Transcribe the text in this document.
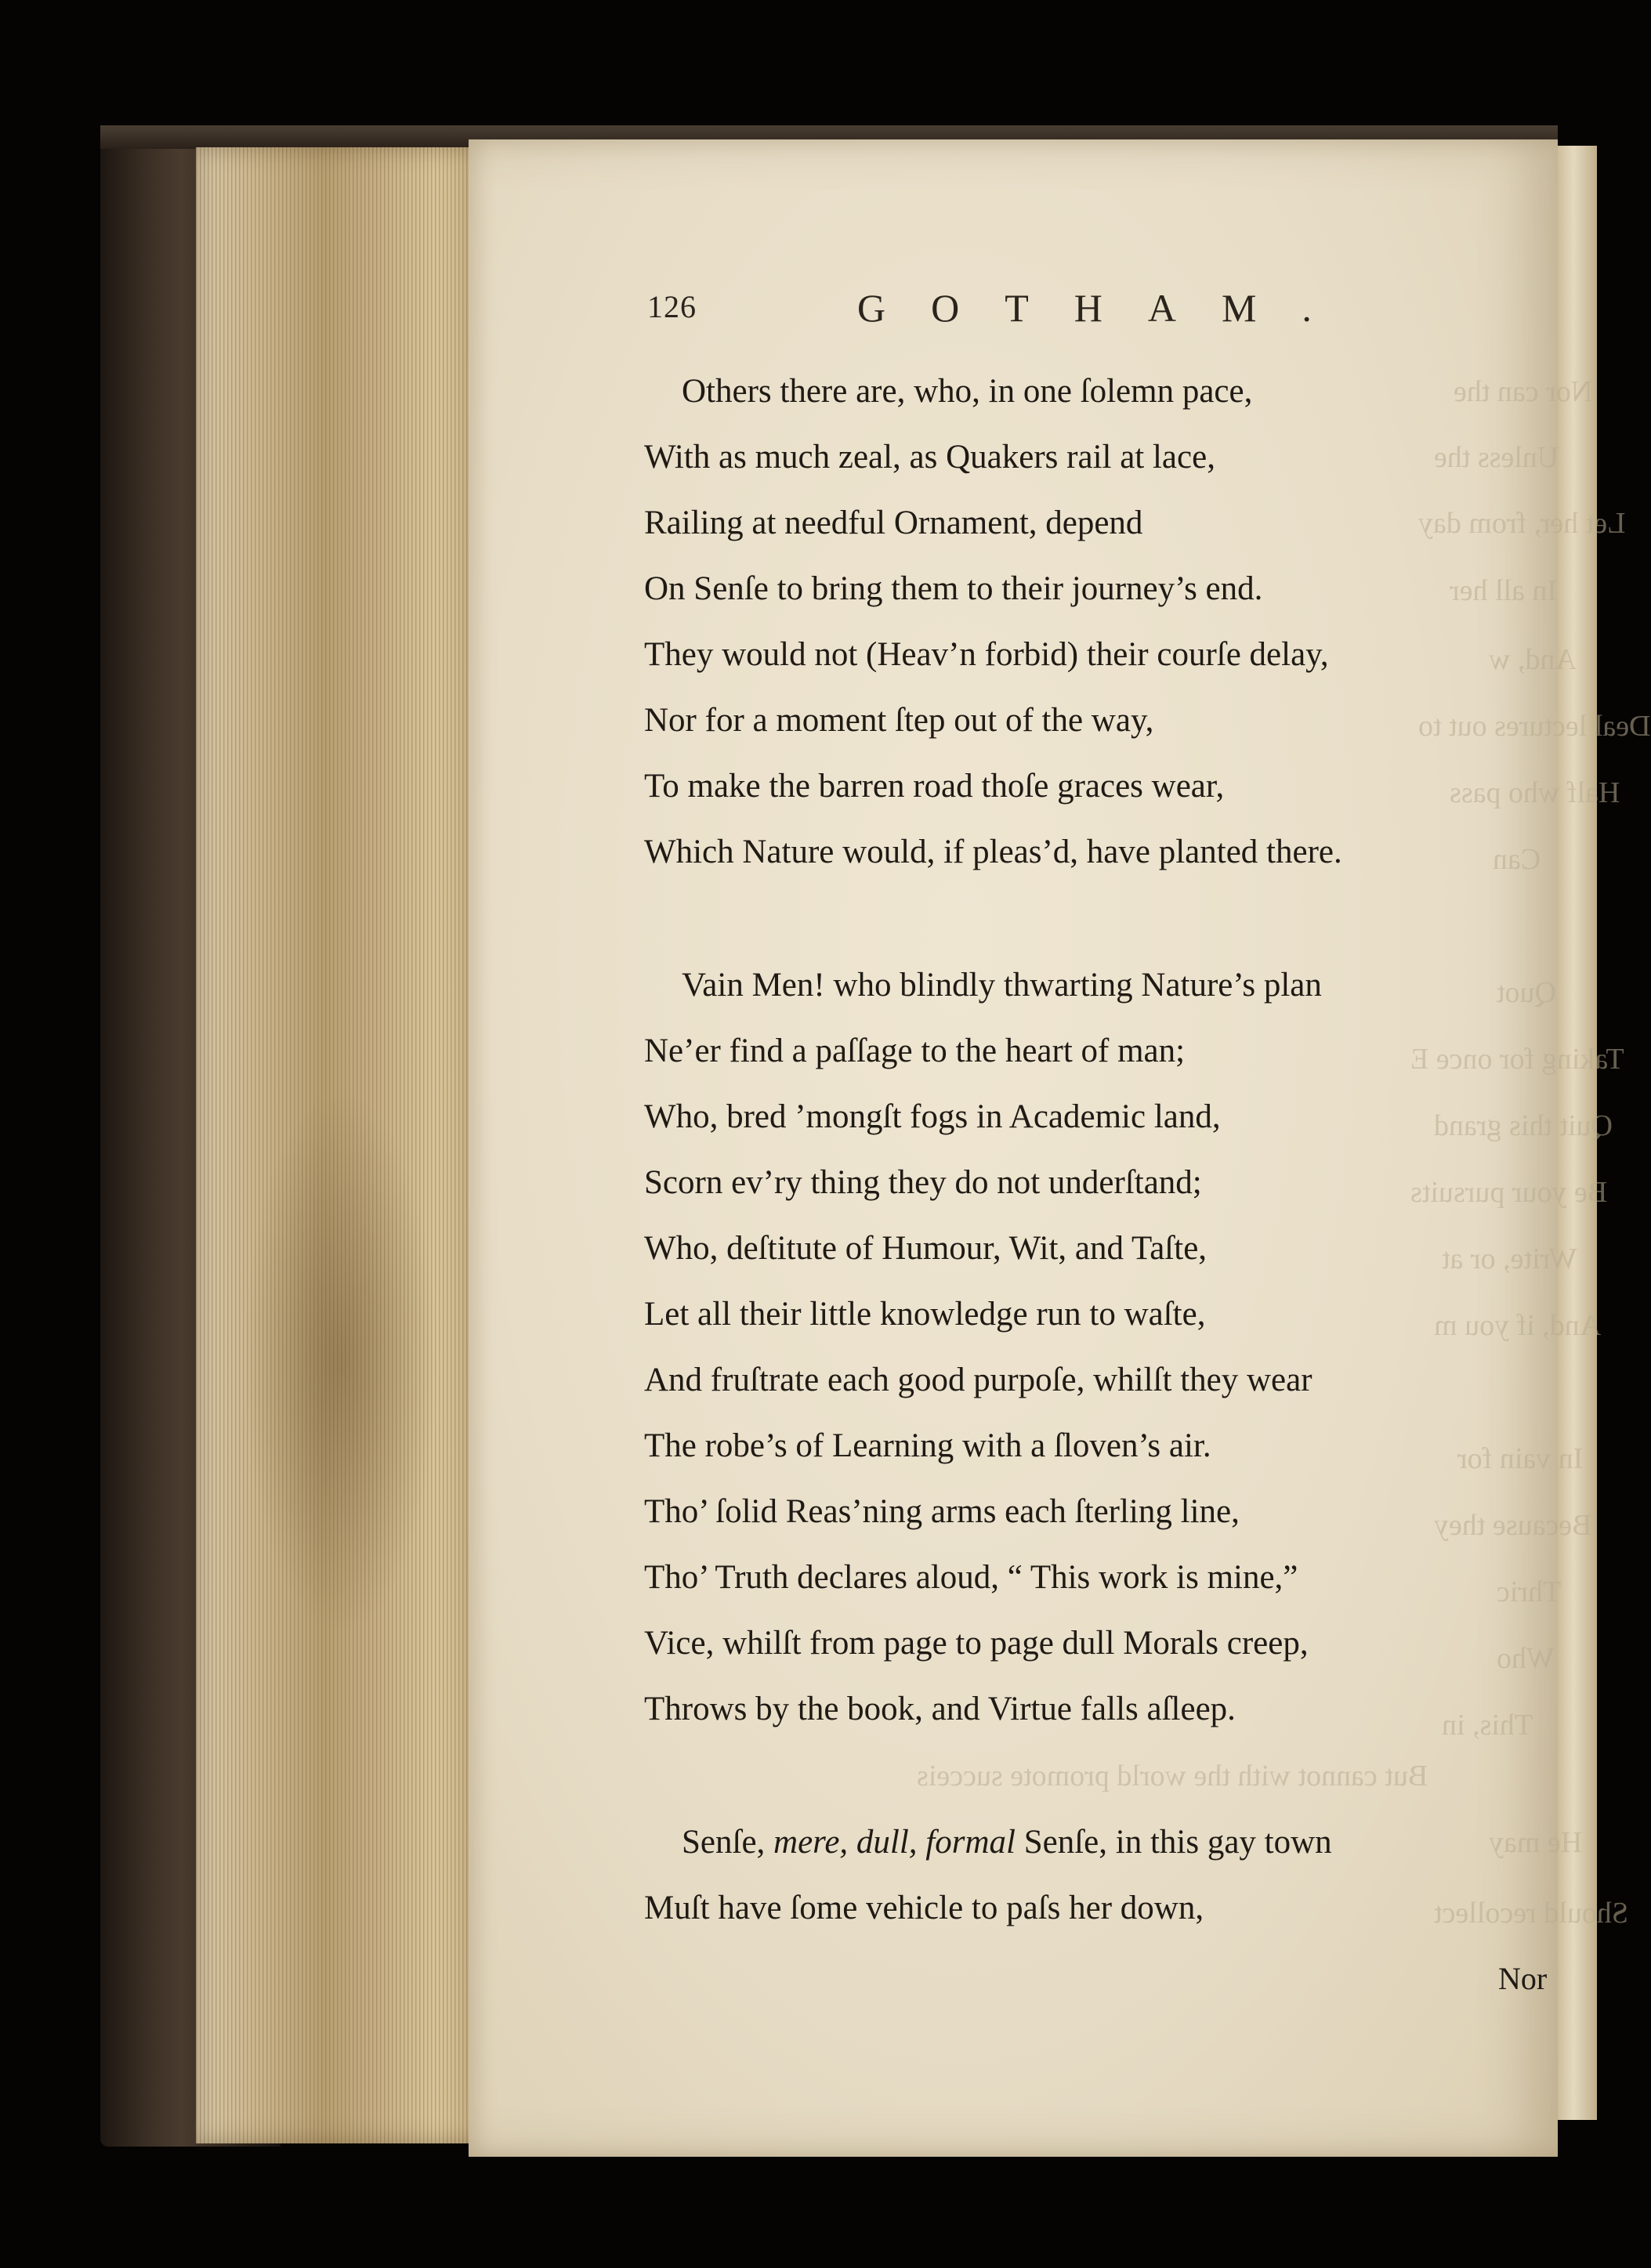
Nor can the
Unless the
Let her, from day
In all her
And, w
Deal lectures out to
Half who pass
Can
Quot
Taking for once E
Quit this grand
Be your pursuits
Write, or at
And, if you m
In vain for
Because they
Thric
Who
This, in
But cannot with the world promote succeis
He may
Should recollect
126	GOTHAM.
Others there are, who, in one ſolemn pace,
With as much zeal, as Quakers rail at lace,
Railing at needful Ornament, depend
On Senſe to bring them to their journey’s end.
They would not (Heav’n forbid) their courſe delay,
Nor for a moment ſtep out of the way,
To make the barren road thoſe graces wear,
Which Nature would, if pleas’d, have planted there.
Vain Men! who blindly thwarting Nature’s plan
Ne’er find a paſſage to the heart of man;
Who, bred ’mongſt fogs in Academic land,
Scorn ev’ry thing they do not underſtand;
Who, deſtitute of Humour, Wit, and Taſte,
Let all their little knowledge run to waſte,
And fruſtrate each good purpoſe, whilſt they wear
The robe’s of Learning with a ſloven’s air.
Tho’ ſolid Reas’ning arms each ſterling line,
Tho’ Truth declares aloud, “ This work is mine,”
Vice, whilſt from page to page dull Morals creep,
Throws by the book, and Virtue falls aſleep.
Senſe, mere, dull, formal Senſe, in this gay town
Muſt have ſome vehicle to paſs her down,
Nor
